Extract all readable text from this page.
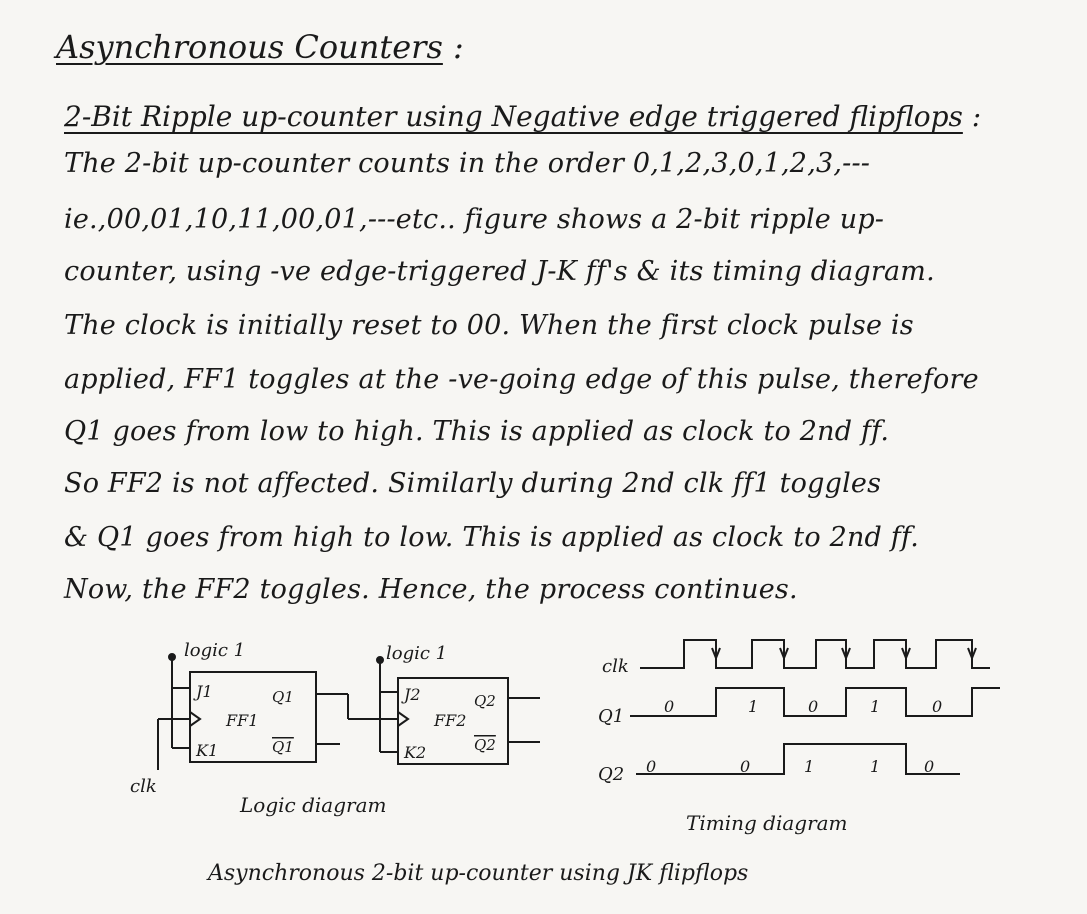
Asynchronous Counters :
2-Bit Ripple up-counter using Negative edge triggered flipflops :
The 2-bit up-counter counts in the order 0,1,2,3,0,1,2,3,---
ie.,00,01,10,11,00,01,---etc.. figure shows a 2-bit ripple up-
counter, using -ve edge-triggered J-K ff's & its timing diagram.
The clock is initially reset to 00. When the first clock pulse is
applied, FF1 toggles at the -ve-going edge of this pulse, therefore
Q1 goes from low to high. This is applied as clock to 2nd ff.
So FF2 is not affected. Similarly during 2nd clk ff1 toggles
& Q1 goes from high to low. This is applied as clock to 2nd ff.
Now, the FF2 toggles. Hence, the process continues.
logic 1	logic 1
J1
K1
FF1
Q1
Q1
J2
K2
FF2
Q2
Q2
clk
Logic diagram
clk
Q1
Q2
0	1	0	1	0
0	0	1	1	0
Timing diagram
Asynchronous 2-bit up-counter using JK flipflops
